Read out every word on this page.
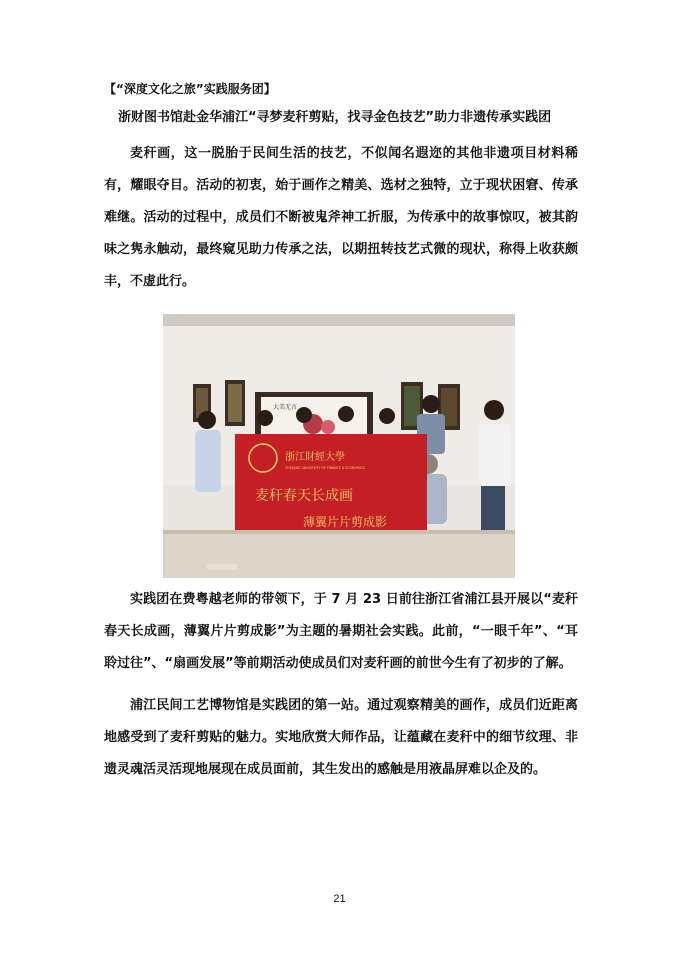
【“深度文化之旅”实践服务团】
浙财图书馆赴金华浦江“寻梦麦秆剪贴，找寻金色技艺”助力非遗传承实践团

麦秆画，这一脱胎于民间生活的技艺，不似闻名遐迩的其他非遗项目材料稀有，耀眼夺目。活动的初衷，始于画作之精美、选材之独特，立于现状困窘、传承难继。活动的过程中，成员们不断被鬼斧神工折服，为传承中的故事惊叹，被其韵味之隽永触动，最终窥见助力传承之法，以期扭转技艺式微的现状，称得上收获颇丰，不虚此行。

大美无言
浙江財經大學
ZHEJIANG UNIVERSITY OF FINANCE & ECONOMICS
麦秆春天长成画
薄翼片片剪成影

实践团在费粤越老师的带领下，于 7 月 23 日前往浙江省浦江县开展以“麦秆春天长成画，薄翼片片剪成影”为主题的暑期社会实践。此前，“一眼千年”、“耳聆过往”、“扇画发展”等前期活动使成员们对麦秆画的前世今生有了初步的了解。

浦江民间工艺博物馆是实践团的第一站。通过观察精美的画作，成员们近距离地感受到了麦秆剪贴的魅力。实地欣赏大师作品，让蕴藏在麦秆中的细节纹理、非遗灵魂活灵活现地展现在成员面前，其生发出的感触是用液晶屏难以企及的。

21
